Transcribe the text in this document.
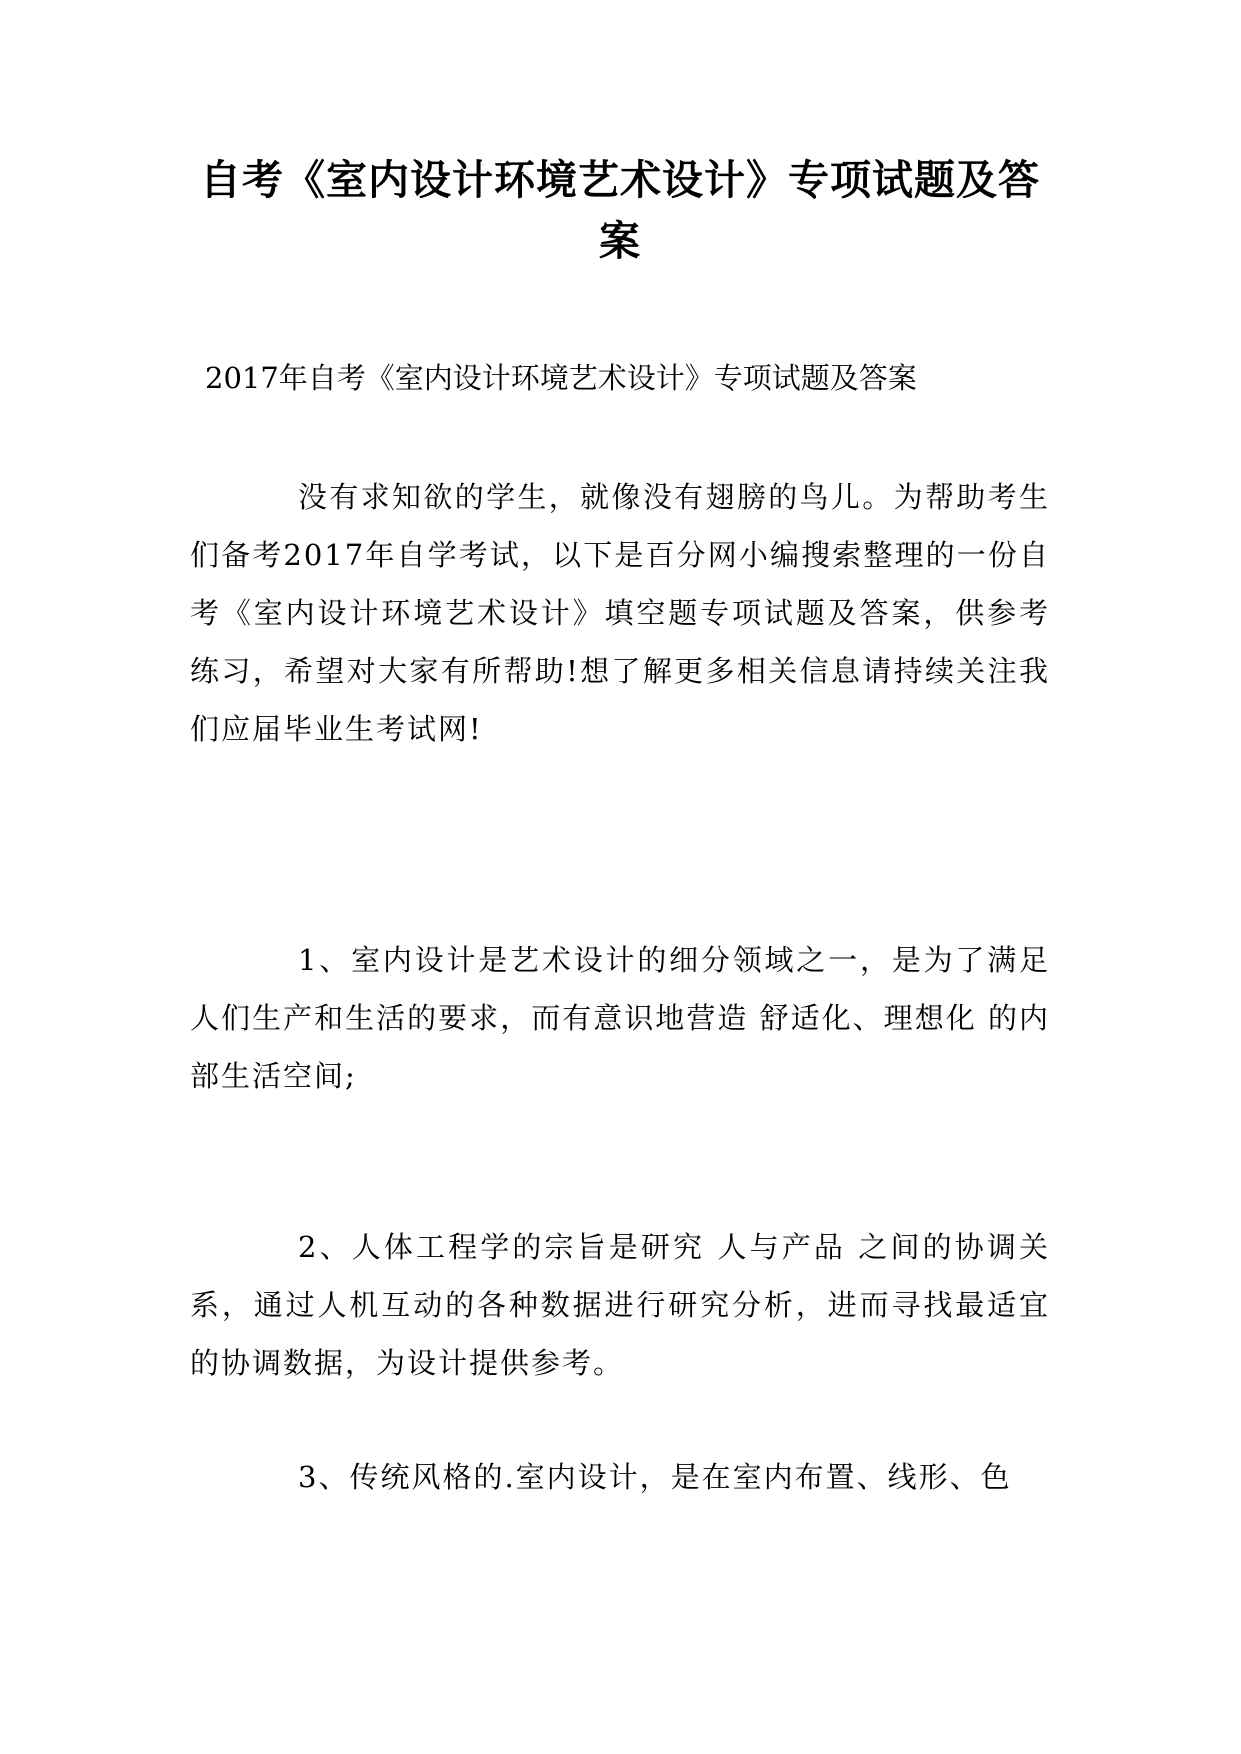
自考《室内设计环境艺术设计》专项试题及答案

2017年自考《室内设计环境艺术设计》专项试题及答案

没有求知欲的学生，就像没有翅膀的鸟儿。为帮助考生们备考2017年自学考试，以下是百分网小编搜索整理的一份自考《室内设计环境艺术设计》填空题专项试题及答案，供参考练习，希望对大家有所帮助!想了解更多相关信息请持续关注我们应届毕业生考试网!

1、室内设计是艺术设计的细分领域之一，是为了满足人们生产和生活的要求，而有意识地营造 舒适化、理想化 的内部生活空间;

2、人体工程学的宗旨是研究 人与产品 之间的协调关系，通过人机互动的各种数据进行研究分析，进而寻找最适宜的协调数据，为设计提供参考。

3、传统风格的.室内设计，是在室内布置、线形、色
